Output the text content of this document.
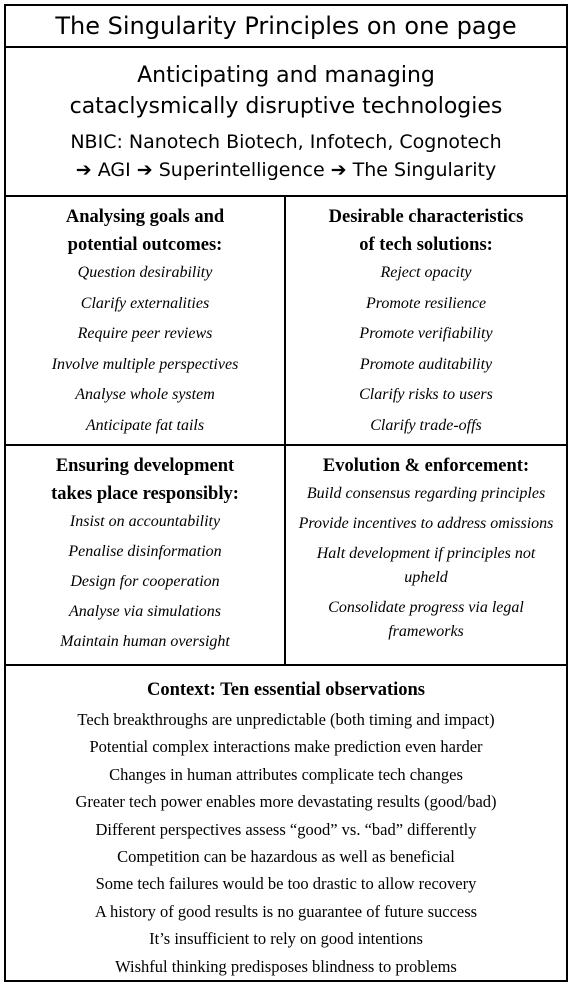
The Singularity Principles on one page
Anticipating and managing
cataclysmically disruptive technologies
NBIC: Nanotech Biotech, Infotech, Cognotech
➔ AGI ➔ Superintelligence ➔ The Singularity
Analysing goals and
potential outcomes:
Question desirability
Clarify externalities
Require peer reviews
Involve multiple perspectives
Analyse whole system
Anticipate fat tails
Desirable characteristics
of tech solutions:
Reject opacity
Promote resilience
Promote verifiability
Promote auditability
Clarify risks to users
Clarify trade-offs
Ensuring development
takes place responsibly:
Insist on accountability
Penalise disinformation
Design for cooperation
Analyse via simulations
Maintain human oversight
Evolution & enforcement:
Build consensus regarding principles
Provide incentives to address omissions
Halt development if principles not upheld
Consolidate progress via legal frameworks
Context: Ten essential observations
Tech breakthroughs are unpredictable (both timing and impact)
Potential complex interactions make prediction even harder
Changes in human attributes complicate tech changes
Greater tech power enables more devastating results (good/bad)
Different perspectives assess “good” vs. “bad” differently
Competition can be hazardous as well as beneficial
Some tech failures would be too drastic to allow recovery
A history of good results is no guarantee of future success
It’s insufficient to rely on good intentions
Wishful thinking predisposes blindness to problems
